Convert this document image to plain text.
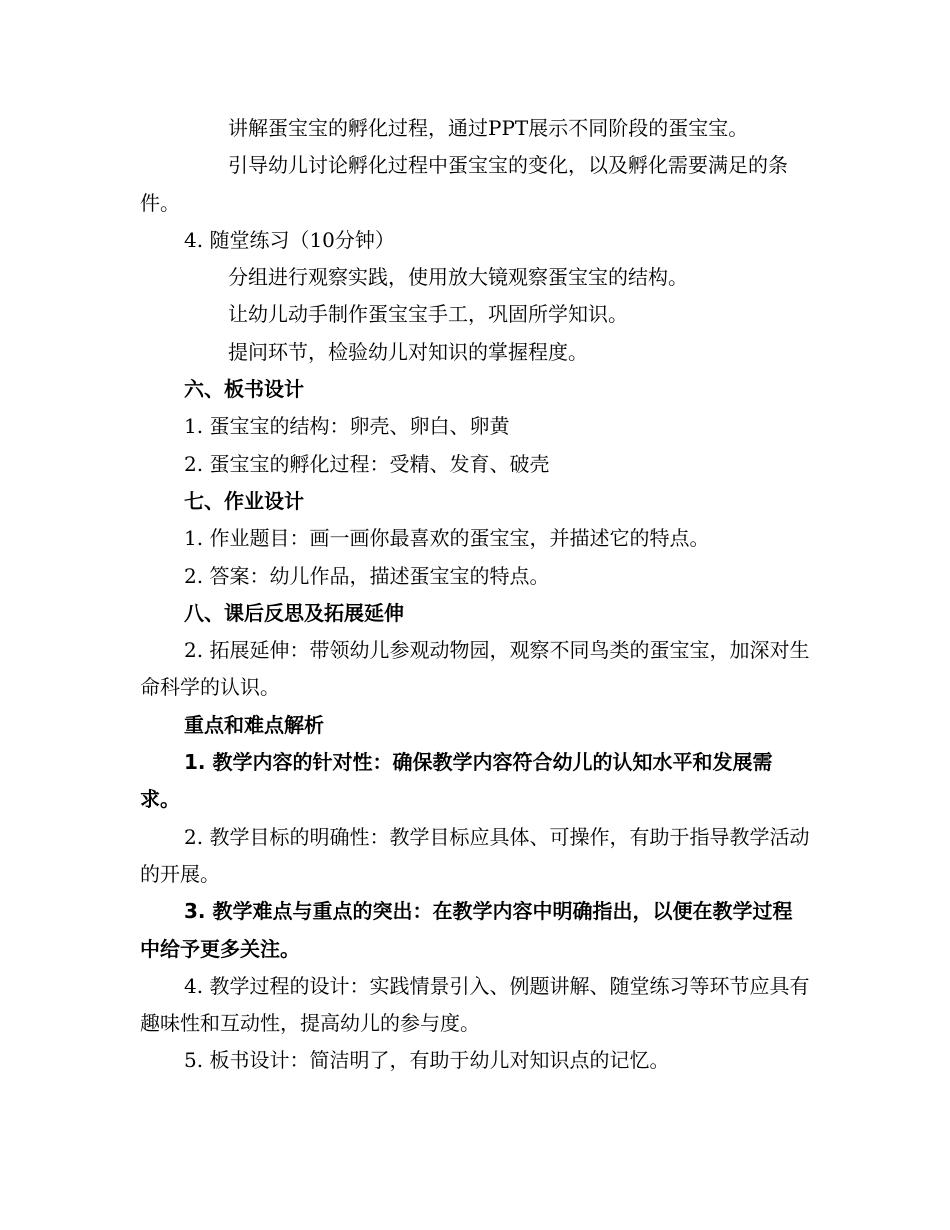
讲解蛋宝宝的孵化过程，通过PPT展示不同阶段的蛋宝宝。

引导幼儿讨论孵化过程中蛋宝宝的变化，以及孵化需要满足的条件。

4. 随堂练习（10分钟）

分组进行观察实践，使用放大镜观察蛋宝宝的结构。

让幼儿动手制作蛋宝宝手工，巩固所学知识。

提问环节，检验幼儿对知识的掌握程度。

六、板书设计

1. 蛋宝宝的结构：卵壳、卵白、卵黄

2. 蛋宝宝的孵化过程：受精、发育、破壳

七、作业设计

1. 作业题目：画一画你最喜欢的蛋宝宝，并描述它的特点。

2. 答案：幼儿作品，描述蛋宝宝的特点。

八、课后反思及拓展延伸

2. 拓展延伸：带领幼儿参观动物园，观察不同鸟类的蛋宝宝，加深对生命科学的认识。

重点和难点解析

1. 教学内容的针对性：确保教学内容符合幼儿的认知水平和发展需求。

2. 教学目标的明确性：教学目标应具体、可操作，有助于指导教学活动的开展。

3. 教学难点与重点的突出：在教学内容中明确指出，以便在教学过程中给予更多关注。

4. 教学过程的设计：实践情景引入、例题讲解、随堂练习等环节应具有趣味性和互动性，提高幼儿的参与度。

5. 板书设计：简洁明了，有助于幼儿对知识点的记忆。
